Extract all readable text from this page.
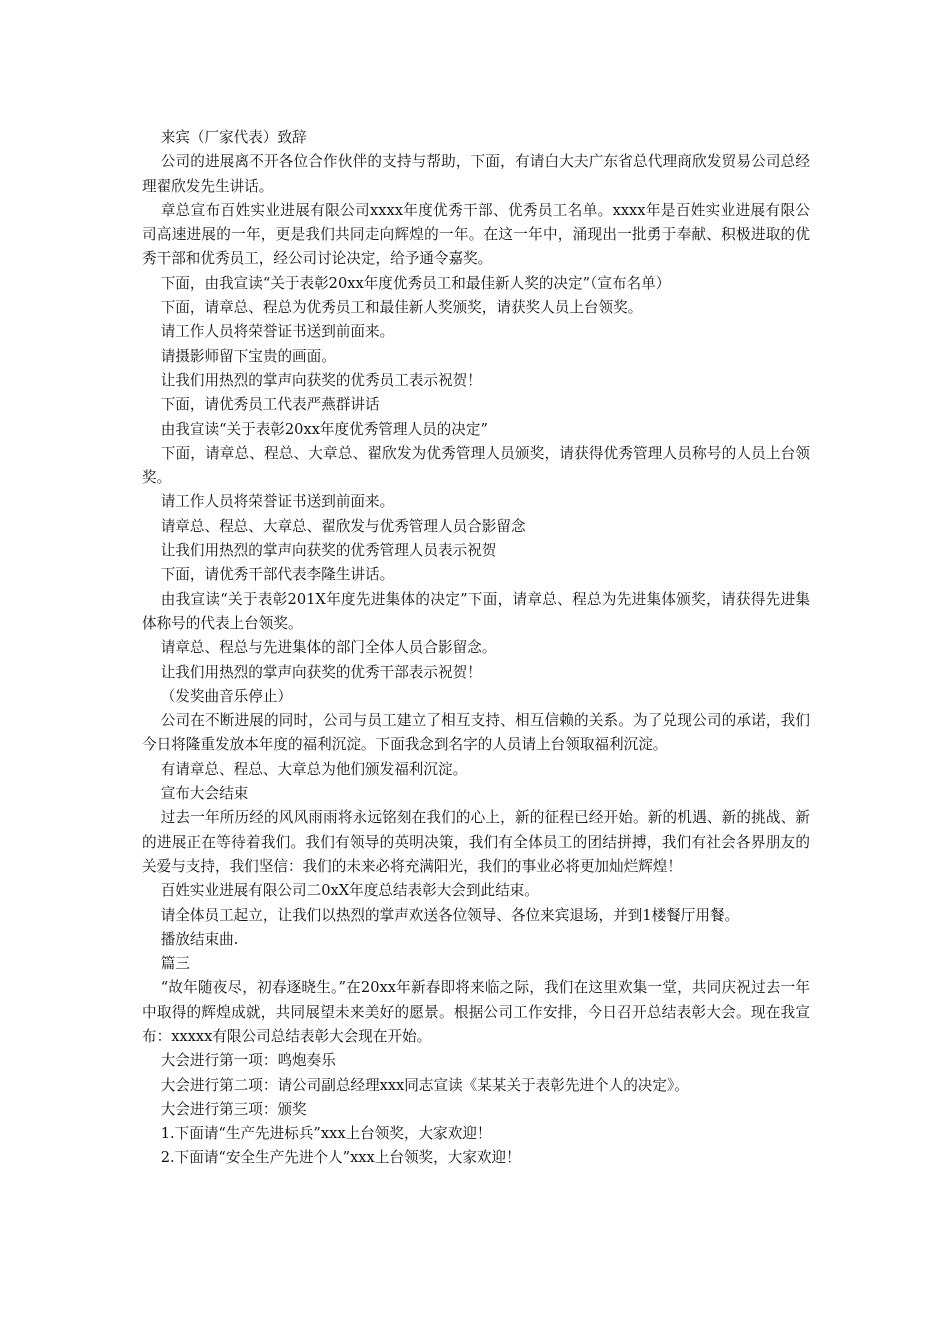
来宾（厂家代表）致辞

公司的进展离不开各位合作伙伴的支持与帮助，下面，有请白大夫广东省总代理商欣发贸易公司总经理翟欣发先生讲话。

章总宣布百姓实业进展有限公司xxxx年度优秀干部、优秀员工名单。xxxx年是百姓实业进展有限公司高速进展的一年，更是我们共同走向辉煌的一年。在这一年中，涌现出一批勇于奉献、积极进取的优秀干部和优秀员工，经公司讨论决定，给予通令嘉奖。

下面，由我宣读“关于表彰20xx年度优秀员工和最佳新人奖的决定”（宣布名单）

下面，请章总、程总为优秀员工和最佳新人奖颁奖，请获奖人员上台领奖。

请工作人员将荣誉证书送到前面来。

请摄影师留下宝贵的画面。

让我们用热烈的掌声向获奖的优秀员工表示祝贺！

下面，请优秀员工代表严燕群讲话

由我宣读“关于表彰20xx年度优秀管理人员的决定”

下面，请章总、程总、大章总、翟欣发为优秀管理人员颁奖，请获得优秀管理人员称号的人员上台领奖。

请工作人员将荣誉证书送到前面来。

请章总、程总、大章总、翟欣发与优秀管理人员合影留念

让我们用热烈的掌声向获奖的优秀管理人员表示祝贺

下面，请优秀干部代表李隆生讲话。

由我宣读“关于表彰201X年度先进集体的决定”下面，请章总、程总为先进集体颁奖，请获得先进集体称号的代表上台领奖。

请章总、程总与先进集体的部门全体人员合影留念。

让我们用热烈的掌声向获奖的优秀干部表示祝贺！

（发奖曲音乐停止）

公司在不断进展的同时，公司与员工建立了相互支持、相互信赖的关系。为了兑现公司的承诺，我们今日将隆重发放本年度的福利沉淀。下面我念到名字的人员请上台领取福利沉淀。

有请章总、程总、大章总为他们颁发福利沉淀。

宣布大会结束

过去一年所历经的风风雨雨将永远铭刻在我们的心上，新的征程已经开始。新的机遇、新的挑战、新的进展正在等待着我们。我们有领导的英明决策，我们有全体员工的团结拼搏，我们有社会各界朋友的关爱与支持，我们坚信：我们的未来必将充满阳光，我们的事业必将更加灿烂辉煌！

百姓实业进展有限公司二0xX年度总结表彰大会到此结束。

请全体员工起立，让我们以热烈的掌声欢送各位领导、各位来宾退场，并到1楼餐厅用餐。

播放结束曲.

篇三

“故年随夜尽，初春逐晓生。”在20xx年新春即将来临之际，我们在这里欢集一堂，共同庆祝过去一年中取得的辉煌成就，共同展望未来美好的愿景。根据公司工作安排，今日召开总结表彰大会。现在我宣布：xxxxx有限公司总结表彰大会现在开始。

大会进行第一项：鸣炮奏乐

大会进行第二项：请公司副总经理xxx同志宣读《某某关于表彰先进个人的决定》。

大会进行第三项：颁奖

1.下面请“生产先进标兵”xxx上台领奖，大家欢迎！

2.下面请“安全生产先进个人”xxx上台领奖，大家欢迎！
